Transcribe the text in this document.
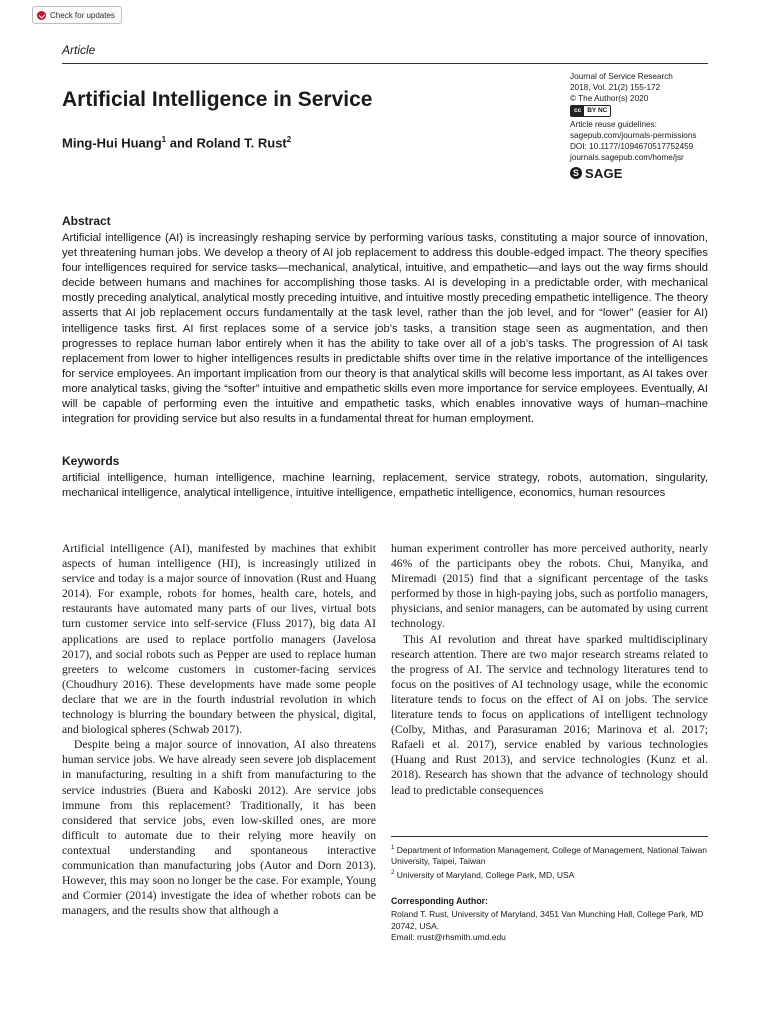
Check for updates
Article
Artificial Intelligence in Service
Ming-Hui Huang$^1$ and Roland T. Rust$^2$
Journal of Service Research
2018, Vol. 21(2) 155-172
© The Author(s) 2020
cc BY NC
Article reuse guidelines:
sagepub.com/journals-permissions
DOI: 10.1177/1094670517752459
journals.sagepub.com/home/jsr
S SAGE
Abstract

Artificial intelligence (AI) is increasingly reshaping service by performing various tasks, constituting a major source of innovation, yet threatening human jobs. We develop a theory of AI job replacement to address this double-edged impact. The theory specifies four intelligences required for service tasks—mechanical, analytical, intuitive, and empathetic—and lays out the way firms should decide between humans and machines for accomplishing those tasks. AI is developing in a predictable order, with mechanical mostly preceding analytical, analytical mostly preceding intuitive, and intuitive mostly preceding empathetic intelligence. The theory asserts that AI job replacement occurs fundamentally at the task level, rather than the job level, and for “lower” (easier for AI) intelligence tasks first. AI first replaces some of a service job’s tasks, a transition stage seen as augmentation, and then progresses to replace human labor entirely when it has the ability to take over all of a job’s tasks. The progression of AI task replacement from lower to higher intelligences results in predictable shifts over time in the relative importance of the intelligences for service employees. An important implication from our theory is that analytical skills will become less important, as AI takes over more analytical tasks, giving the “softer” intuitive and empathetic skills even more importance for service employees. Eventually, AI will be capable of performing even the intuitive and empathetic tasks, which enables innovative ways of human–machine integration for providing service but also results in a fundamental threat for human employment.

Keywords

artificial intelligence, human intelligence, machine learning, replacement, service strategy, robots, automation, singularity, mechanical intelligence, analytical intelligence, intuitive intelligence, empathetic intelligence, economics, human resources

Artificial intelligence (AI), manifested by machines that exhibit aspects of human intelligence (HI), is increasingly utilized in service and today is a major source of innovation (Rust and Huang 2014). For example, robots for homes, health care, hotels, and restaurants have automated many parts of our lives, virtual bots turn customer service into self-service (Fluss 2017), big data AI applications are used to replace portfolio managers (Javelosa 2017), and social robots such as Pepper are used to replace human greeters to welcome customers in customer-facing services (Choudhury 2016). These developments have made some people declare that we are in the fourth industrial revolution in which technology is blurring the boundary between the physical, digital, and biological spheres (Schwab 2017).

Despite being a major source of innovation, AI also threatens human service jobs. We have already seen severe job displacement in manufacturing, resulting in a shift from manufacturing to the service industries (Buera and Kaboski 2012). Are service jobs immune from this replacement? Traditionally, it has been considered that service jobs, even low-skilled ones, are more difficult to automate due to their relying more heavily on contextual understanding and spontaneous interactive communication than manufacturing jobs (Autor and Dorn 2013). However, this may soon no longer be the case. For example, Young and Cormier (2014) investigate the idea of whether robots can be managers, and the results show that although a

human experiment controller has more perceived authority, nearly 46% of the participants obey the robots. Chui, Manyika, and Miremadi (2015) find that a significant percentage of the tasks performed by those in high-paying jobs, such as portfolio managers, physicians, and senior managers, can be automated by using current technology.

This AI revolution and threat have sparked multidisciplinary research attention. There are two major research streams related to the progress of AI. The service and technology literatures tend to focus on the positives of AI technology usage, while the economic literature tends to focus on the effect of AI on jobs. The service literature tends to focus on applications of intelligent technology (Colby, Mithas, and Parasuraman 2016; Marinova et al. 2017; Rafaeli et al. 2017), service enabled by various technologies (Huang and Rust 2013), and service technologies (Kunz et al. 2018). Research has shown that the advance of technology should lead to predictable consequences

$^1$ Department of Information Management, College of Management, National Taiwan University, Taipei, Taiwan
$^2$ University of Maryland, College Park, MD, USA
Corresponding Author:
Roland T. Rust, University of Maryland, 3451 Van Munching Hall, College Park, MD 20742, USA.
Email: rrust@rhsmith.umd.edu
